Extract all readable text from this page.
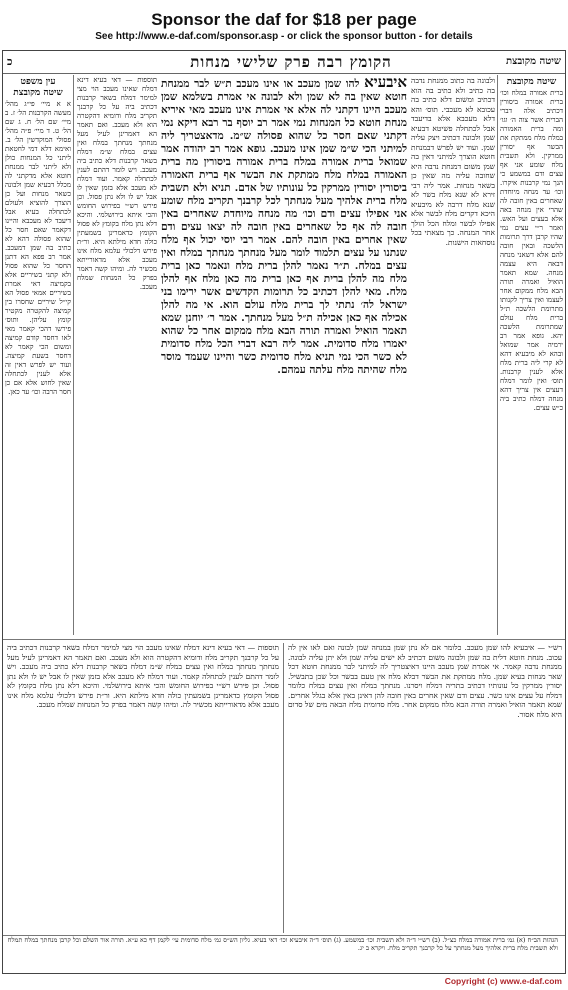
Sponsor the daf for $18 per page
See http://www.e-daf.com/sponsor.asp - or click the sponsor button - for details
שיטה מקובצת
הקומץ רבה פרק שלישי מנחות
כ
עין משפט
שיטה מקובצת
א א מיי׳ פי״ג מהל׳ מעשה הקרבנות הל׳ ז. ב מיי׳ שם הל׳ ח. ג שם הל׳ ט. ד מיי׳ פ״ה מהל׳ פסולי המוקדשין הל׳ ב. ואימא דלא דמי לחטאת ליתני כל המנחות כולן ולא ליתני לבר ממנחת חוטא אלא מדקתני לה מכלל דבעיא שמן ולבונה כשאר מנחות ועל כן הוצרך להוציא ולעולם לכתחלה בעיא אבל דיעבד לא מעכבא והיינו דקאמר שאם חסר כל שהוא פסולה דהא לא כתיב בה שמן דמעכב. אמר רב פפא הא דתנן החסר כל שהוא פסול ולא קתני בשיריים אלא בקמיצה דאי אמרת בשיריים אמאי פסול הא קי״ל שיריים שחסרו בין קמיצה להקטרה מקטיר קומץ עליהן. ותוס׳ פירשו דהכי קאמר מאי לאו דחסר קודם קמיצה ומשום הכי קאמר לא דחסר בשעת קמיצה. ועוד יש לפרש דאין זה אלא לענין לכתחלה שאין לחוש אלא אם כן חסר הרבה וכו׳ עד כאן.
תוספות — דאי בעיא דינא דמלח שאינו מעכב הוי מצי למימר דמלח בשאר קרבנות דכתיב ביה על כל קרבנך תקריב מלח ודומיא דהקטרה הוא ולא מעכב. ואם תאמר הא דאמרינן לעיל מעל מנחתך מנחתך במלח ואין עצים במלח ש״מ דמלח בשאר קרבנות דלא כתיב ביה מעכב. ויש לומר דהתם לענין לכתחלה קאמר. ועוד דמלח לא מעכב אלא בזמן שאין לו אבל יש לו ולא נתן פסול. וכן פירש רש״י בפירוש החומש והכי איתא בירושלמי. והיכא דלא נתן מלח בקומץ לא פסול הקומץ כדאמרינן בשמעתין כולה חדא מילתא היא. ור״ת פירש דלכולי עלמא מלח אינו מעכב אלא מדאורייתא מכשיר לה. ומיהו קשה דאמר בפרק כל המנחות שמלח מעכב.
איבעיא להו שמן מעכב או אינו מעכב ת״ש לבר ממנחת חוטא שאין בה לא שמן ולא לבונה אי אמרת בשלמא שמן מעכב היינו דקתני לה אלא אי אמרת אינו מעכב מאי איריא מנחת חוטא כל המנחות נמי אמר רב יוסף בר רבא דיקא נמי דקתני שאם חסר כל שהוא פסולה ש״מ. מדאצטריך ליה למיתני הכי ש״מ שמן אינו מעכב. גופא אמר רב יהודה אמר שמואל ברית אמורה במלח ברית אמורה ביסורין מה ברית האמורה במלח מלח ממתקת את הבשר אף ברית האמורה ביסורין יסורין ממרקין כל עונותיו של אדם. תניא ולא תשבית מלח ברית אלהיך מעל מנחתך לכל קרבנך תקריב מלח שומע אני אפילו עצים ודם וכו׳ מה מנחה מיוחדת שאחרים באין חובה לה אף כל שאחרים באין חובה לה יצאו עצים ודם שאין אחרים באין חובה להם. אמר רבי יוסי יכול אף מלח שנתנו על עצים תלמוד לומר מעל מנחתך מנחתך במלח ואין עצים במלח. ת״ר נאמר להלן ברית מלח ונאמר כאן ברית מלח מה להלן ברית אף כאן ברית מה כאן מלח אף להלן מלח. מאי להלן דכתיב כל תרומות הקדשים אשר ירימו בני ישראל לה׳ נתתי לך ברית מלח עולם הוא. אי מה להלן אכילה אף כאן אכילה ת״ל מעל מנחתך. אמר ר׳ יוחנן שמא תאמר הואיל ואמרה תורה הבא מלח ממקום אחר כל שהוא יאמרו מלח סדומית. אמר ליה רבא דברי הכל מלח סדומית לא כשר הכי נמי תניא מלח סדומית כשר והיינו שעמד מוסר מלח שהיתה מלח עלתה עמהם.
ולבונה בה כתוב ממנחת נדבה בה כתיב ולא כתיב בה הוא דכתיב ומשום דלא כתיב בה עכובא לא מעכבי. תוס׳ והא דלא מעכבא אלא בדיעבד אבל לכתחלה פשיטא דבעיא שמן ולבונה דכתיב ויצק עליה שמן. ועוד יש לפרש דבמנחת חוטא הוצרך למיתני דאין בה שמן משום דמנחת נדבה היא שחובה עליה מה שאין כן בשאר מנחות. אמר ליה רבי זירא לא שנא מלח בשר לא שנא מלח דרבה לא מיבעיא היכא דקדים מלח לבשר אלא אפילו לבשר ומלח הכל הולך אחר המנחה. כך מצאתי בכל נוסחאות הישנות.
שיטה מקובצת
ברית אמורה במלח וכו׳ ברית אמורה ביסורין דכתיב אלה דברי הברית אשר צוה ה׳ וגו׳ ומה ברית האמורה במלח מלח ממתקת את הבשר אף יסורין ממרקין. ולא תשבית מלח שומע אני אף עצים ודם במשמע כי הנך נמי קרבנות איקרו. וכו׳ עד מנחה מיוחדת שאחרים באין חובה לה שהרי אין מנחה באה אלא בעצים ועל האש. ואמר ר״י עצים נמי שהיו קרבן דרך תרומות הלשכה ובאין חובה להם אלא דשאני מנחה דבאה היא עצמה מנחה. שמא תאמר הואיל ואמרה תורה הבא מלח ממקום אחר לעצמו ואין צריך לקנותו מתרומת הלשכה ת״ל ברית מלח עולם שמתרומת הלשכה יהא. גופא אמר רב ירמיה אמר שמואל ובהא לא מיבעיא דהא לא קרי ליה ברית מלח אלא לענין קרבנות. תוס׳ ואין לומר דמלח דעצים אין צריך דהא מנחה דמלח כתיב ביה כ״ש עצים.
תוספות — דאי בעיא דינא דמלח שאינו מעכב הוי מצי למימר דמלח בשאר קרבנות דכתיב ביה על כל קרבנך תקריב מלח ודומיא דהקטרה הוא ולא מעכב. ואם תאמר הא דאמרינן לעיל מעל מנחתך מנחתך במלח ואין עצים במלח ש״מ דמלח בשאר קרבנות דלא כתיב ביה מעכב. ויש לומר דהתם לענין לכתחלה קאמר. ועוד דמלח לא מעכב אלא בזמן שאין לו אבל יש לו ולא נתן פסול. וכן פירש רש״י בפירוש החומש והכי איתא בירושלמי. והיכא דלא נתן מלח בקומץ לא פסול הקומץ כדאמרינן בשמעתין כולה חדא מילתא היא. ור״ת פירש דלכולי עלמא מלח אינו מעכב אלא מדאורייתא מכשיר לה. ומיהו קשה דאמר בפרק כל המנחות שמלח מעכב.
רש״י — איבעיא להו שמן מעכב. כלומר אם לא נתן שמן במנחה שמן לבונה ואם לאו אין לה עכוב. מנחת חוטא דלית בה שמן ולבונה משום דכתיב לא ישים עליה שמן ולא יתן עליה לבונה. ממנחת נדבה קאמר. אי אמרת שמן מעכב היינו דאיצטריך לה למיתני לבר ממנחת חוטא דכל שאר מנחות בעיא שמן. מלח ממתקת את הבשר דבלא מלח אין טעם בבשר וכל שכן בתבשיל. יסורין ממרקין כל עונותיו דכתיב בתריה דמלח ויסרנו. מנחתך במלח ואין עצים במלח כלומר דמלח על עצים אינו כשר. עצים ודם שאין אחרים באין חובה להן דאינן באין אלא בגלל אחרים. שמא תאמר הואיל ואמרה תורה הבא מלח ממקום אחר. מלח סדומית מלח הבאה מים של סדום היא מלח אסור.
הגהות הב״ח (א) גמ׳ ברית אמורה במלח כצ״ל. (ב) רש״י ד״ה ולא תשבית וכו׳ במשמע. (ג) תוס׳ ד״ה איבעיא וכו׳ דאי בעיא. גליון הש״ס גמ׳ מלח סדומית עי׳ לקמן דף כא ע״א. תורה אור השלם וכל קרבן מנחתך במלח תמלח ולא תשבית מלח ברית אלהיך מעל מנחתך על כל קרבנך תקריב מלח. ויקרא ב יג.
Copyright (c) www.e-daf.com
